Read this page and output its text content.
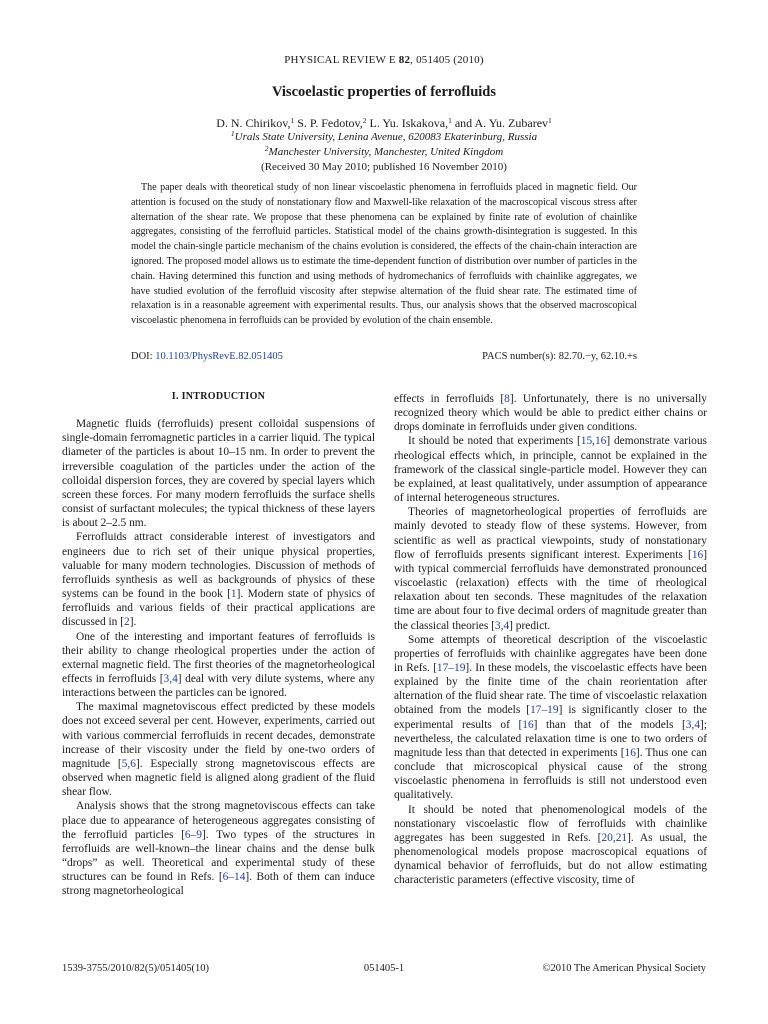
PHYSICAL REVIEW E 82, 051405 (2010)
Viscoelastic properties of ferrofluids
D. N. Chirikov,$^1$ S. P. Fedotov,$^2$ L. Yu. Iskakova,$^1$ and A. Yu. Zubarev$^1$
$^1$Urals State University, Lenina Avenue, 620083 Ekaterinburg, Russia
$^2$Manchester University, Manchester, United Kingdom
(Received 30 May 2010; published 16 November 2010)
The paper deals with theoretical study of non linear viscoelastic phenomena in ferrofluids placed in magnetic field. Our attention is focused on the study of nonstationary flow and Maxwell-like relaxation of the macroscopical viscous stress after alternation of the shear rate. We propose that these phenomena can be explained by finite rate of evolution of chainlike aggregates, consisting of the ferrofluid particles. Statistical model of the chains growth-disintegration is suggested. In this model the chain-single particle mechanism of the chains evolution is considered, the effects of the chain-chain interaction are ignored. The proposed model allows us to estimate the time-dependent function of distribution over number of particles in the chain. Having determined this function and using methods of hydromechanics of ferrofluids with chainlike aggregates, we have studied evolution of the ferrofluid viscosity after stepwise alternation of the fluid shear rate. The estimated time of relaxation is in a reasonable agreement with experimental results. Thus, our analysis shows that the observed macroscopical viscoelastic phenomena in ferrofluids can be provided by evolution of the chain ensemble.
DOI: 10.1103/PhysRevE.82.051405	PACS number(s): 82.70.−y, 62.10.+s
I. INTRODUCTION

Magnetic fluids (ferrofluids) present colloidal suspensions of single-domain ferromagnetic particles in a carrier liquid. The typical diameter of the particles is about 10–15 nm. In order to prevent the irreversible coagulation of the particles under the action of the colloidal dispersion forces, they are covered by special layers which screen these forces. For many modern ferrofluids the surface shells consist of surfactant molecules; the typical thickness of these layers is about 2–2.5 nm.

Ferrofluids attract considerable interest of investigators and engineers due to rich set of their unique physical properties, valuable for many modern technologies. Discussion of methods of ferrofluids synthesis as well as backgrounds of physics of these systems can be found in the book [1]. Modern state of physics of ferrofluids and various fields of their practical applications are discussed in [2].

One of the interesting and important features of ferrofluids is their ability to change rheological properties under the action of external magnetic field. The first theories of the magnetorheological effects in ferrofluids [3,4] deal with very dilute systems, where any interactions between the particles can be ignored.

The maximal magnetoviscous effect predicted by these models does not exceed several per cent. However, experiments, carried out with various commercial ferrofluids in recent decades, demonstrate increase of their viscosity under the field by one-two orders of magnitude [5,6]. Especially strong magnetoviscous effects are observed when magnetic field is aligned along gradient of the fluid shear flow.

Analysis shows that the strong magnetoviscous effects can take place due to appearance of heterogeneous aggregates consisting of the ferrofluid particles [6–9]. Two types of the structures in ferrofluids are well-known–the linear chains and the dense bulk “drops” as well. Theoretical and experimental study of these structures can be found in Refs. [6–14]. Both of them can induce strong magnetorheological

effects in ferrofluids [8]. Unfortunately, there is no universally recognized theory which would be able to predict either chains or drops dominate in ferrofluids under given conditions.

It should be noted that experiments [15,16] demonstrate various rheological effects which, in principle, cannot be explained in the framework of the classical single-particle model. However they can be explained, at least qualitatively, under assumption of appearance of internal heterogeneous structures.

Theories of magnetorheological properties of ferrofluids are mainly devoted to steady flow of these systems. However, from scientific as well as practical viewpoints, study of nonstationary flow of ferrofluids presents significant interest. Experiments [16] with typical commercial ferrofluids have demonstrated pronounced viscoelastic (relaxation) effects with the time of rheological relaxation about ten seconds. These magnitudes of the relaxation time are about four to five decimal orders of magnitude greater than the classical theories [3,4] predict.

Some attempts of theoretical description of the viscoelastic properties of ferrofluids with chainlike aggregates have been done in Refs. [17–19]. In these models, the viscoelastic effects have been explained by the finite time of the chain reorientation after alternation of the fluid shear rate. The time of viscoelastic relaxation obtained from the models [17–19] is significantly closer to the experimental results of [16] than that of the models [3,4]; nevertheless, the calculated relaxation time is one to two orders of magnitude less than that detected in experiments [16]. Thus one can conclude that microscopical physical cause of the strong viscoelastic phenomena in ferrofluids is still not understood even qualitatively.

It should be noted that phenomenological models of the nonstationary viscoelastic flow of ferrofluids with chainlike aggregates has been suggested in Refs. [20,21]. As usual, the phenomenological models propose macroscopical equations of dynamical behavior of ferrofluids, but do not allow estimating characteristic parameters (effective viscosity, time of

1539-3755/2010/82(5)/051405(10)	051405-1	©2010 The American Physical Society
